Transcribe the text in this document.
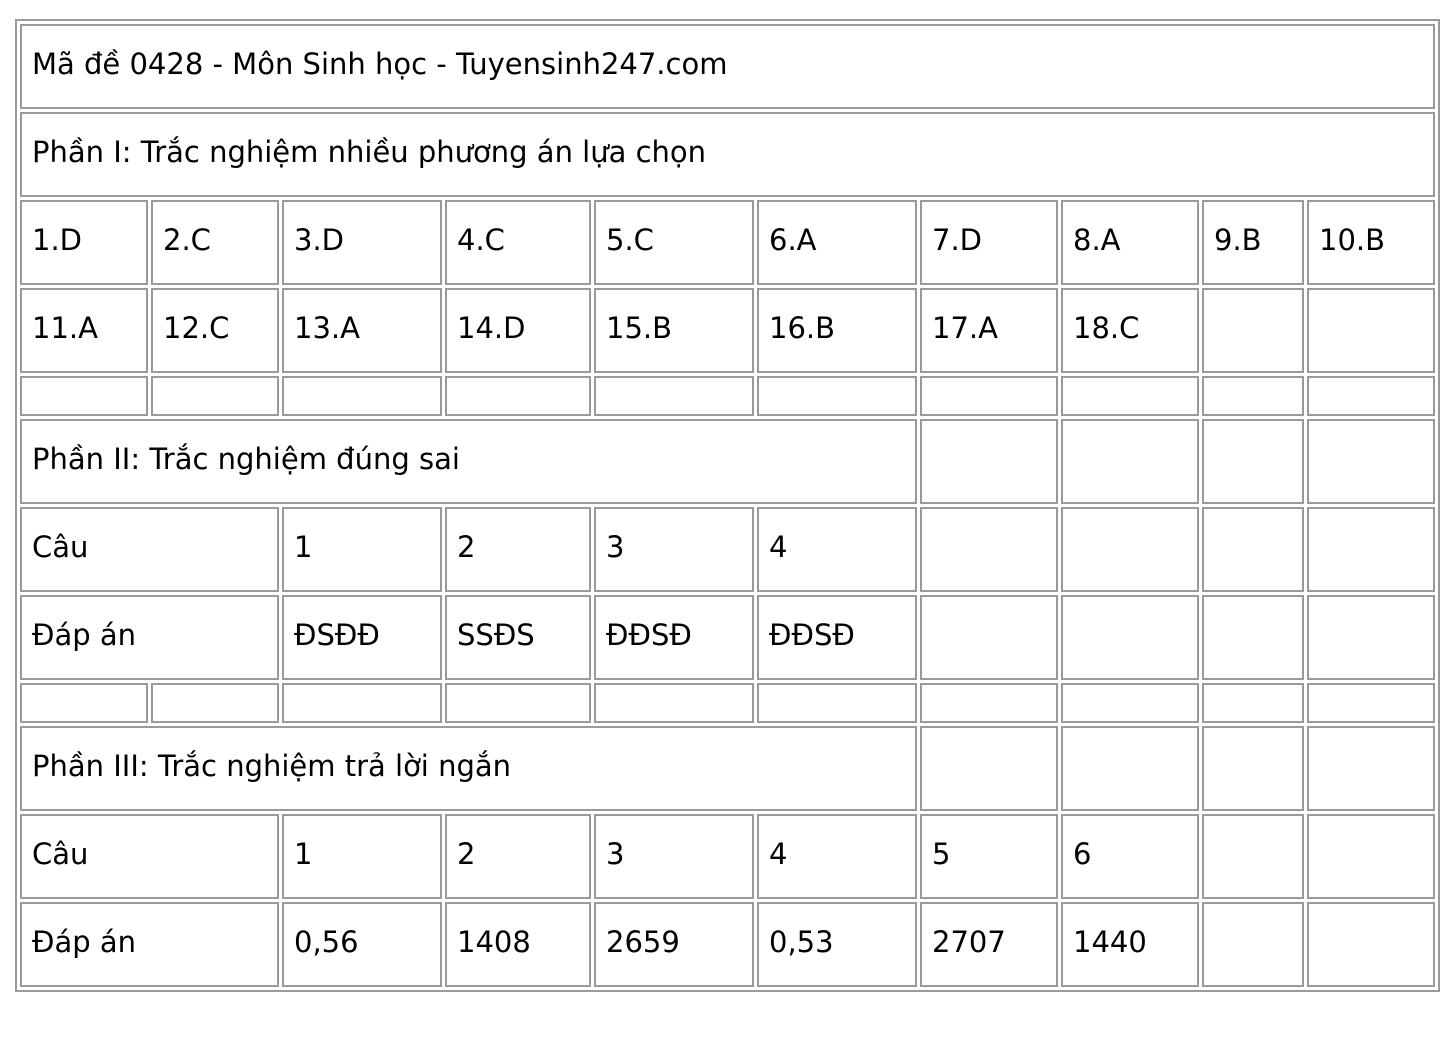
Mã đề 0428 - Môn Sinh học - Tuyensinh247.com									
Phần I: Trắc nghiệm nhiều phương án lựa chọn									
1.D	2.C	3.D	4.C	5.C	6.A	7.D	8.A	9.B	10.B
11.A	12.C	13.A	14.D	15.B	16.B	17.A	18.C		

Phần II: Trắc nghiệm đúng sai									
Câu		1	2	3	4				
Đáp án		ĐSĐĐ	SSĐS	ĐĐSĐ	ĐĐSĐ				

Phần III: Trắc nghiệm trả lời ngắn									
Câu		1	2	3	4	5	6		
Đáp án		0,56	1408	2659	0,53	2707	1440		
